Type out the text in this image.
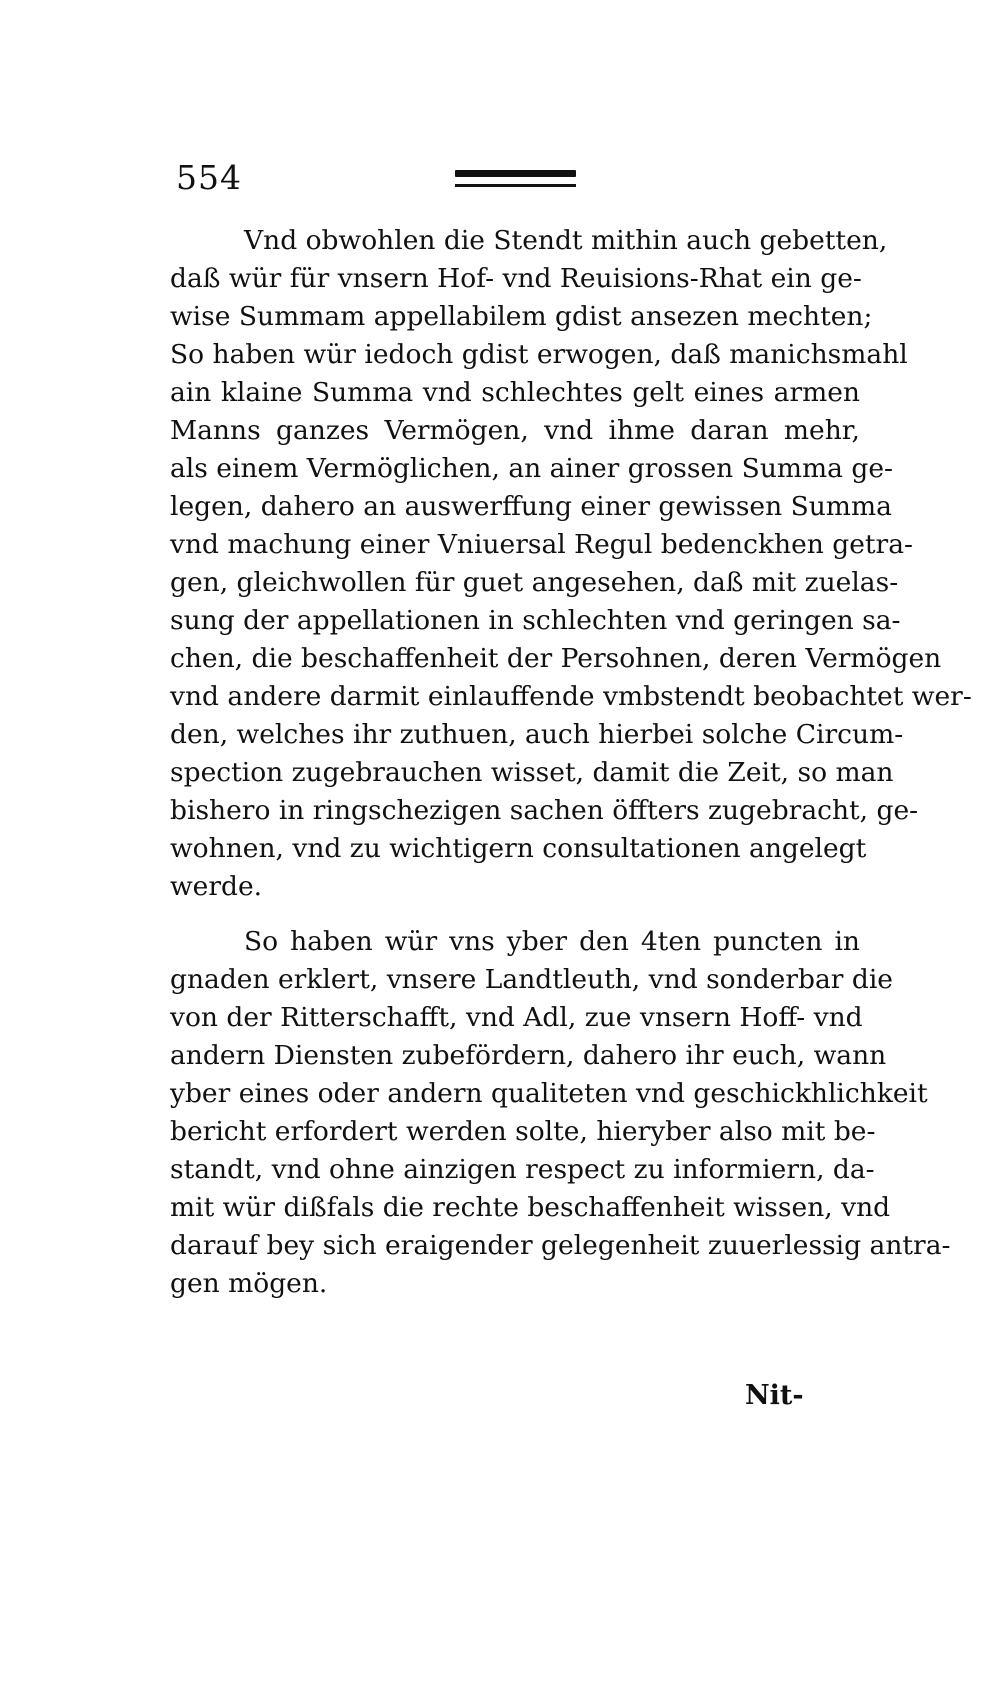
554
Vnd obwohlen die Stendt mithin auch gebetten,
daß wür für vnsern Hof- vnd Reuisions-Rhat ein ge-
wise Summam appellabilem gdist ansezen mechten;
So haben wür iedoch gdist erwogen, daß manichsmahl
ain klaine Summa vnd schlechtes gelt eines armen
Manns ganzes Vermögen, vnd ihme daran mehr,
als einem Vermöglichen, an ainer grossen Summa ge-
legen, dahero an auswerffung einer gewissen Summa
vnd machung einer Vniuersal Regul bedenckhen getra-
gen, gleichwollen für guet angesehen, daß mit zuelas-
sung der appellationen in schlechten vnd geringen sa-
chen, die beschaffenheit der Persohnen, deren Vermögen
vnd andere darmit einlauffende vmbstendt beobachtet wer-
den, welches ihr zuthuen, auch hierbei solche Circum-
spection zugebrauchen wisset, damit die Zeit, so man
bishero in ringschezigen sachen öffters zugebracht, ge-
wohnen, vnd zu wichtigern consultationen angelegt
werde.
So haben wür vns yber den 4ten puncten in
gnaden erklert, vnsere Landtleuth, vnd sonderbar die
von der Ritterschafft, vnd Adl, zue vnsern Hoff- vnd
andern Diensten zubefördern, dahero ihr euch, wann
yber eines oder andern qualiteten vnd geschickhlichkeit
bericht erfordert werden solte, hieryber also mit be-
standt, vnd ohne ainzigen respect zu informiern, da-
mit wür dißfals die rechte beschaffenheit wissen, vnd
darauf bey sich eraigender gelegenheit zuuerlessig antra-
gen mögen.
Nit-
